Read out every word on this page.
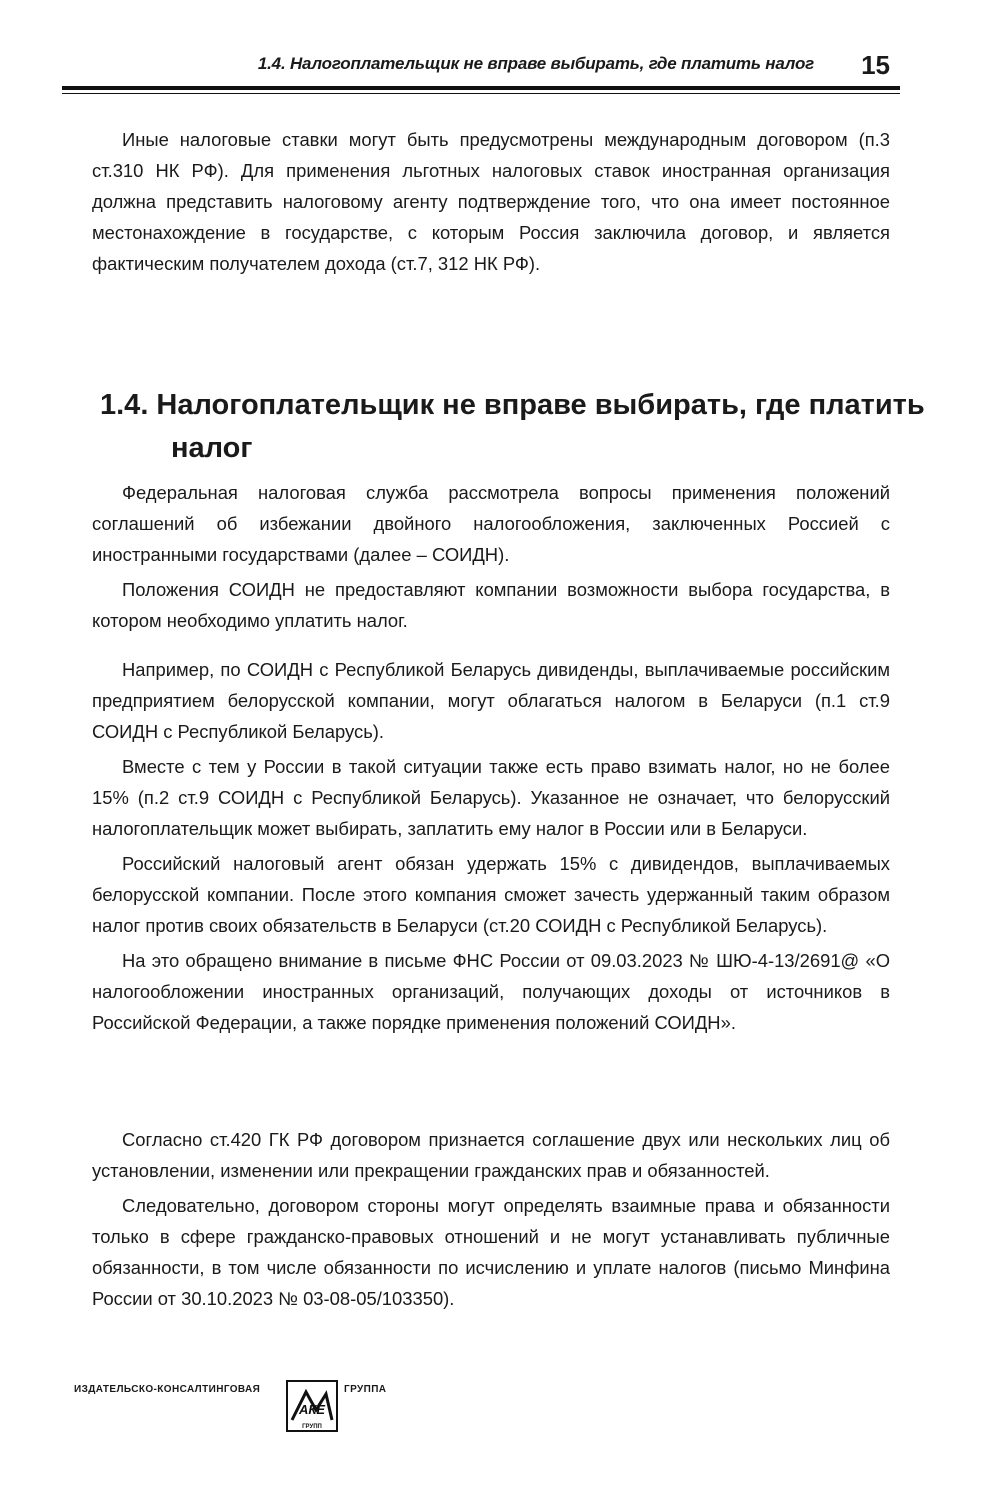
1.4. Налогоплательщик не вправе выбирать, где платить налог 15

Иные налоговые ставки могут быть предусмотрены международным договором (п.3 ст.310 НК РФ). Для применения льготных налоговых ставок иностранная организация должна представить налоговому агенту подтверждение того, что она имеет постоянное местонахождение в государстве, с которым Россия заключила договор, и является фактическим получателем дохода (ст.7, 312 НК РФ).

1.4. Налогоплательщик не вправе выбирать, где платить налог

Федеральная налоговая служба рассмотрела вопросы применения положений соглашений об избежании двойного налогообложения, заключенных Россией с иностранными государствами (далее – СОИДН).

Положения СОИДН не предоставляют компании возможности выбора государства, в котором необходимо уплатить налог.

Например, по СОИДН с Республикой Беларусь дивиденды, выплачиваемые российским предприятием белорусской компании, могут облагаться налогом в Беларуси (п.1 ст.9 СОИДН с Республикой Беларусь).

Вместе с тем у России в такой ситуации также есть право взимать налог, но не более 15% (п.2 ст.9 СОИДН с Республикой Беларусь). Указанное не означает, что белорусский налогоплательщик может выбирать, заплатить ему налог в России или в Беларуси.

Российский налоговый агент обязан удержать 15% с дивидендов, выплачиваемых белорусской компании. После этого компания сможет зачесть удержанный таким образом налог против своих обязательств в Беларуси (ст.20 СОИДН с Республикой Беларусь).

На это обращено внимание в письме ФНС России от 09.03.2023 № ШЮ-4-13/2691@ «О налогообложении иностранных организаций, получающих доходы от источников в Российской Федерации, а также порядке применения положений СОИДН».

Согласно ст.420 ГК РФ договором признается соглашение двух или нескольких лиц об установлении, изменении или прекращении гражданских прав и обязанностей.

Следовательно, договором стороны могут определять взаимные права и обязанности только в сфере гражданско-правовых отношений и не могут устанавливать публичные обязанности, в том числе обязанности по исчислению и уплате налогов (письмо Минфина России от 30.10.2023 № 03-08-05/103350).

ИЗДАТЕЛЬСКО-КОНСАЛТИНГОВАЯ
АКЕ
ГРУПП
ГРУППА
